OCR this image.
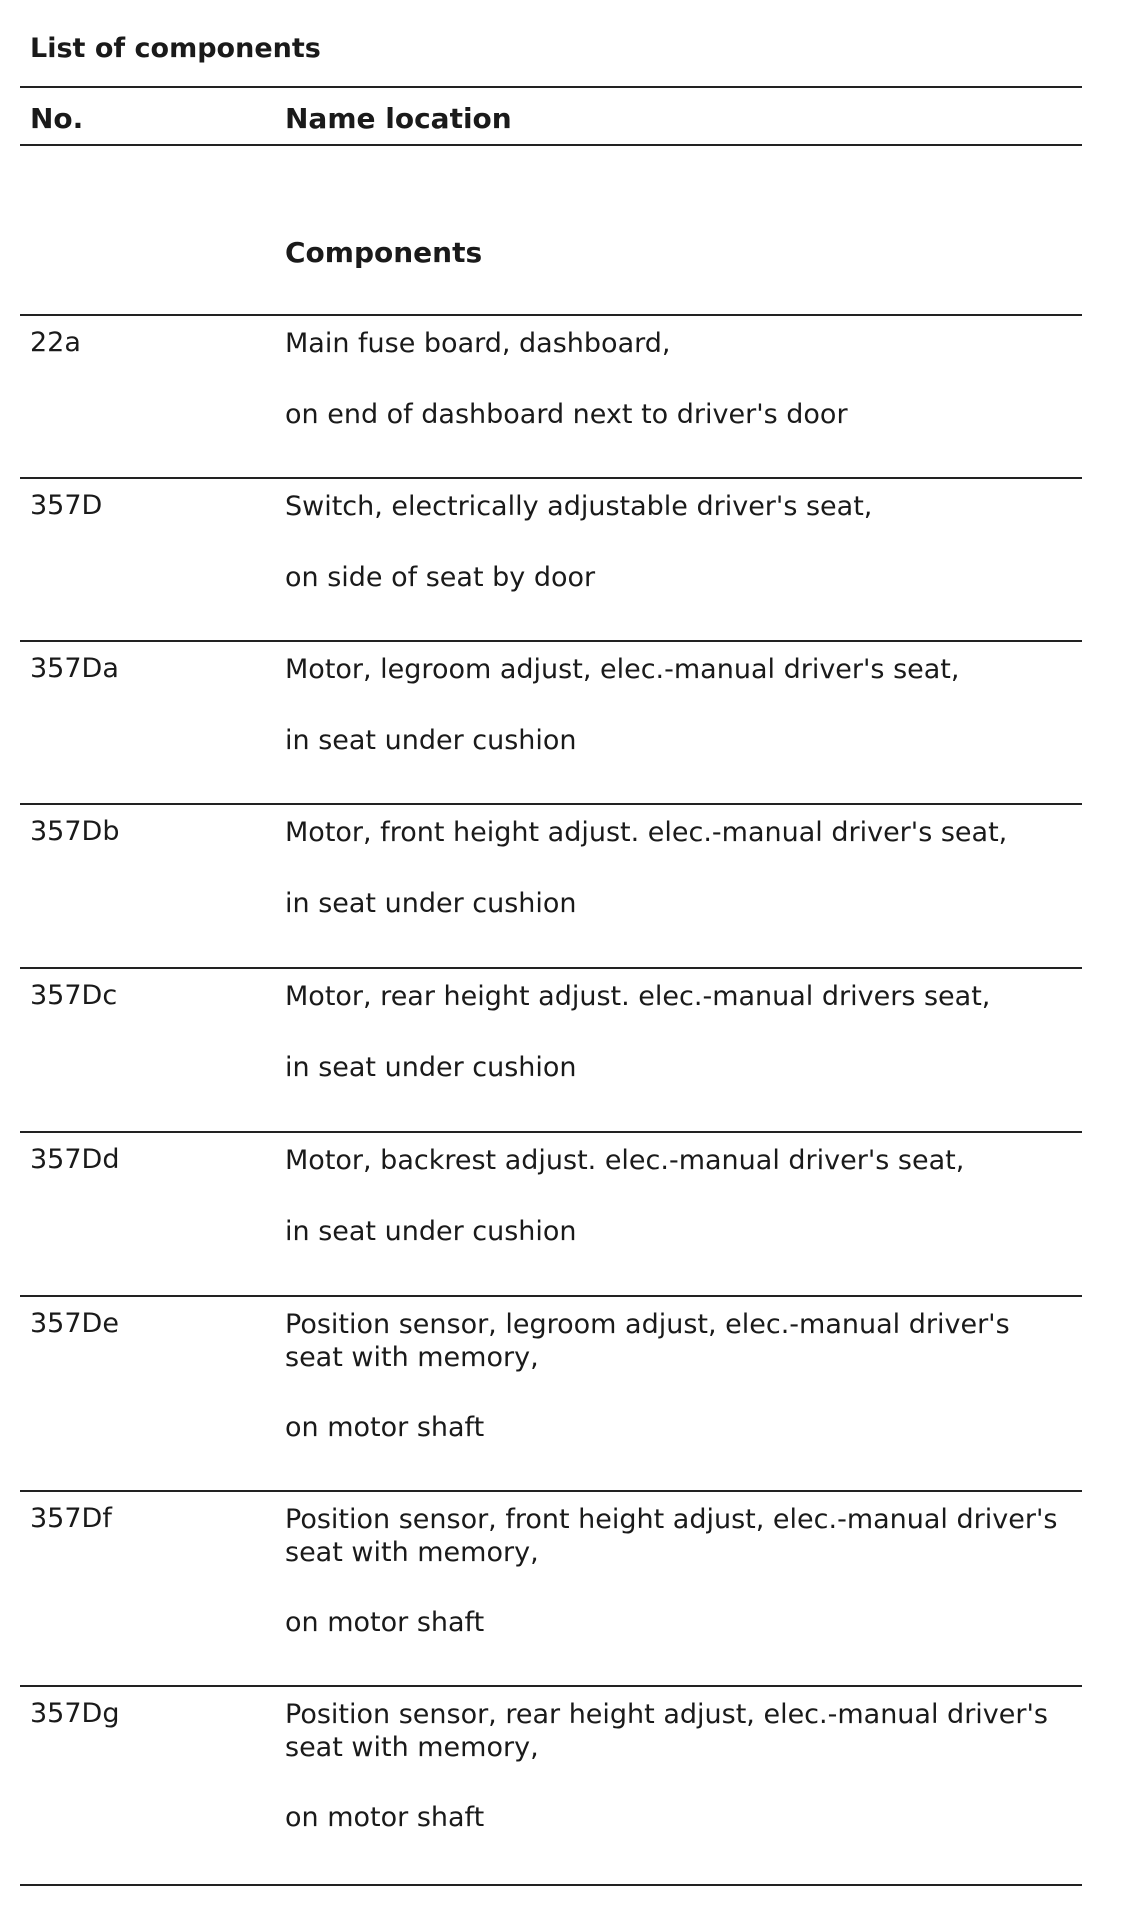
List of components
No.	Name location
Components
22a	Main fuse board, dashboard,
on end of dashboard next to driver's door
357D	Switch, electrically adjustable driver's seat,
on side of seat by door
357Da	Motor, legroom adjust, elec.-manual driver's seat,
in seat under cushion
357Db	Motor, front height adjust. elec.-manual driver's seat,
in seat under cushion
357Dc	Motor, rear height adjust. elec.-manual drivers seat,
in seat under cushion
357Dd	Motor, backrest adjust. elec.-manual driver's seat,
in seat under cushion
357De	Position sensor, legroom adjust, elec.-manual driver's seat with memory,
on motor shaft
357Df	Position sensor, front height adjust, elec.-manual driver's seat with memory,
on motor shaft
357Dg	Position sensor, rear height adjust, elec.-manual driver's seat with memory,
on motor shaft
